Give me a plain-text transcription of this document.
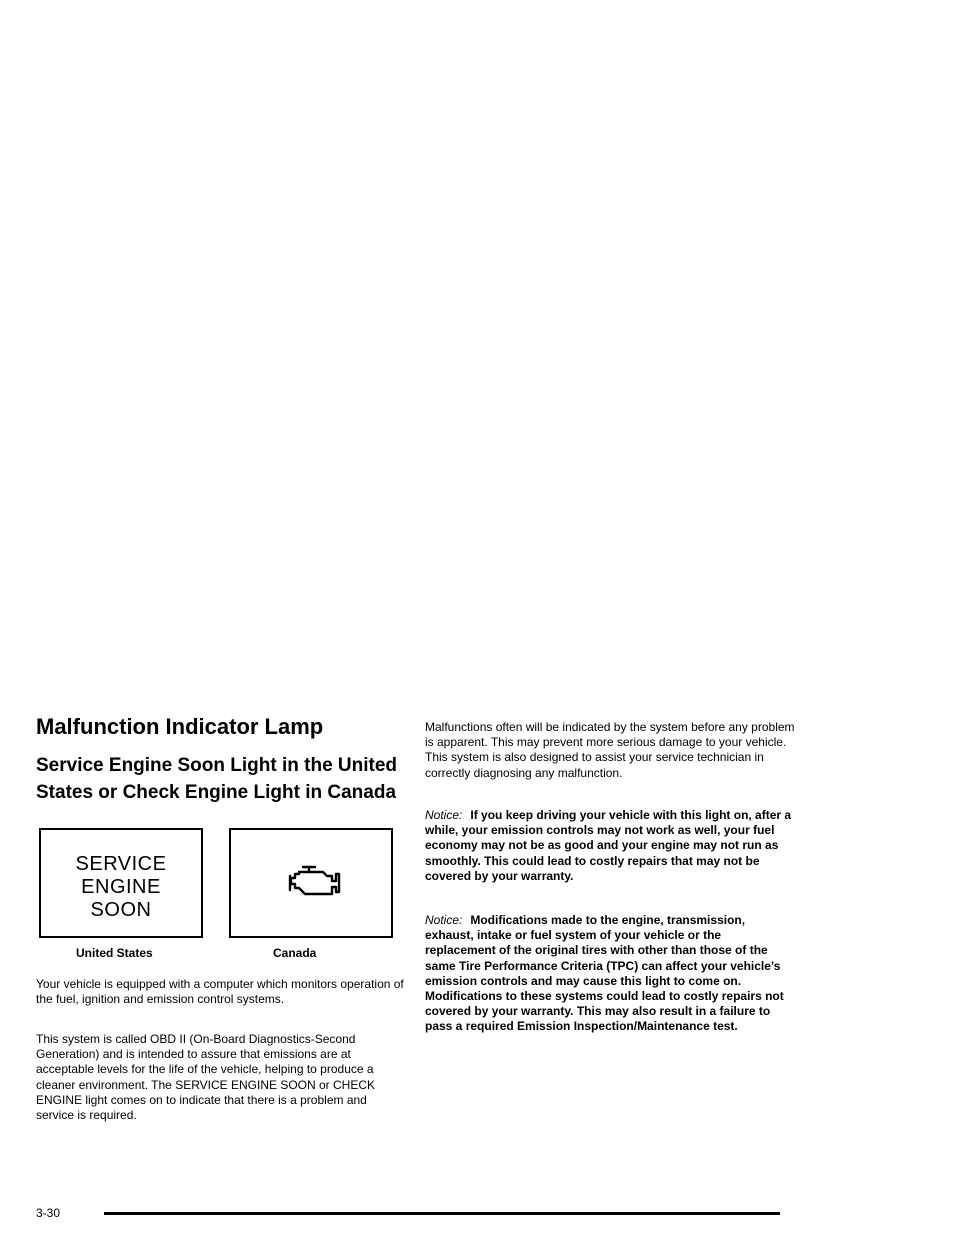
Malfunction Indicator Lamp
Service Engine Soon Light in the United States or Check Engine Light in Canada
SERVICE
ENGINE
SOON
United States	Canada

Your vehicle is equipped with a computer which monitors operation of the fuel, ignition and emission control systems.

This system is called OBD II (On-Board Diagnostics-Second Generation) and is intended to assure that emissions are at acceptable levels for the life of the vehicle, helping to produce a cleaner environment. The SERVICE ENGINE SOON or CHECK ENGINE light comes on to indicate that there is a problem and service is required.

Malfunctions often will be indicated by the system before any problem is apparent. This may prevent more serious damage to your vehicle. This system is also designed to assist your service technician in correctly diagnosing any malfunction.

Notice: If you keep driving your vehicle with this light on, after a while, your emission controls may not work as well, your fuel economy may not be as good and your engine may not run as smoothly. This could lead to costly repairs that may not be covered by your warranty.

Notice: Modifications made to the engine, transmission, exhaust, intake or fuel system of your vehicle or the replacement of the original tires with other than those of the same Tire Performance Criteria (TPC) can affect your vehicle’s emission controls and may cause this light to come on. Modifications to these systems could lead to costly repairs not covered by your warranty. This may also result in a failure to pass a required Emission Inspection/Maintenance test.

3-30
